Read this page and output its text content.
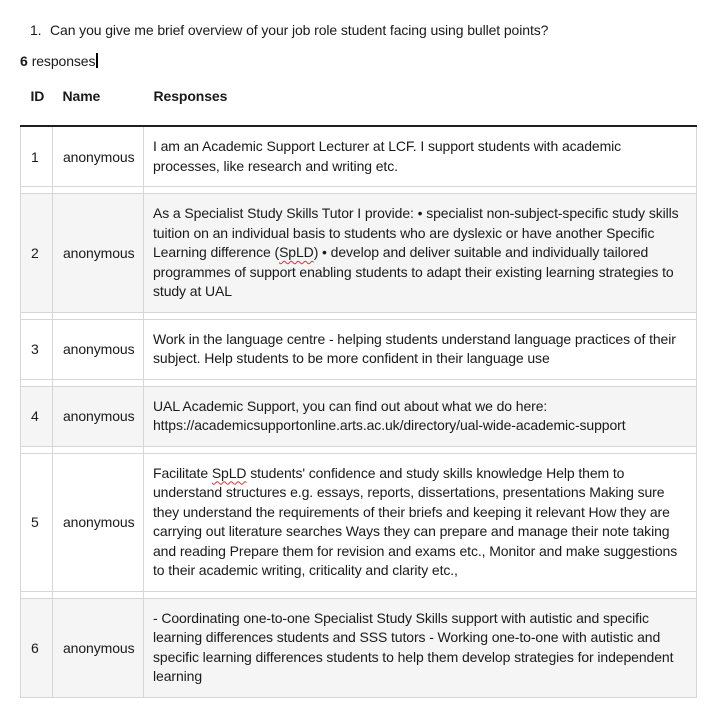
1. Can you give me brief overview of your job role student facing using bullet points?
6 responses
ID	Name	Responses
1	anonymous	I am an Academic Support Lecturer at LCF. I support students with academic processes, like research and writing etc.

2	anonymous	As a Specialist Study Skills Tutor I provide: • specialist non-subject-specific study skills tuition on an individual basis to students who are dyslexic or have another Specific Learning difference (SpLD) • develop and deliver suitable and individually tailored programmes of support enabling students to adapt their existing learning strategies to study at UAL

3	anonymous	Work in the language centre - helping students understand language practices of their subject. Help students to be more confident in their language use

4	anonymous	UAL Academic Support, you can find out about what we do here: https://academicsupportonline.arts.ac.uk/directory/ual-wide-academic-support

5	anonymous	Facilitate SpLD students' confidence and study skills knowledge Help them to understand structures e.g. essays, reports, dissertations, presentations Making sure they understand the requirements of their briefs and keeping it relevant How they are carrying out literature searches Ways they can prepare and manage their note taking and reading Prepare them for revision and exams etc., Monitor and make suggestions to their academic writing, criticality and clarity etc.,

6	anonymous	- Coordinating one-to-one Specialist Study Skills support with autistic and specific learning differences students and SSS tutors - Working one-to-one with autistic and specific learning differences students to help them develop strategies for independent learning
